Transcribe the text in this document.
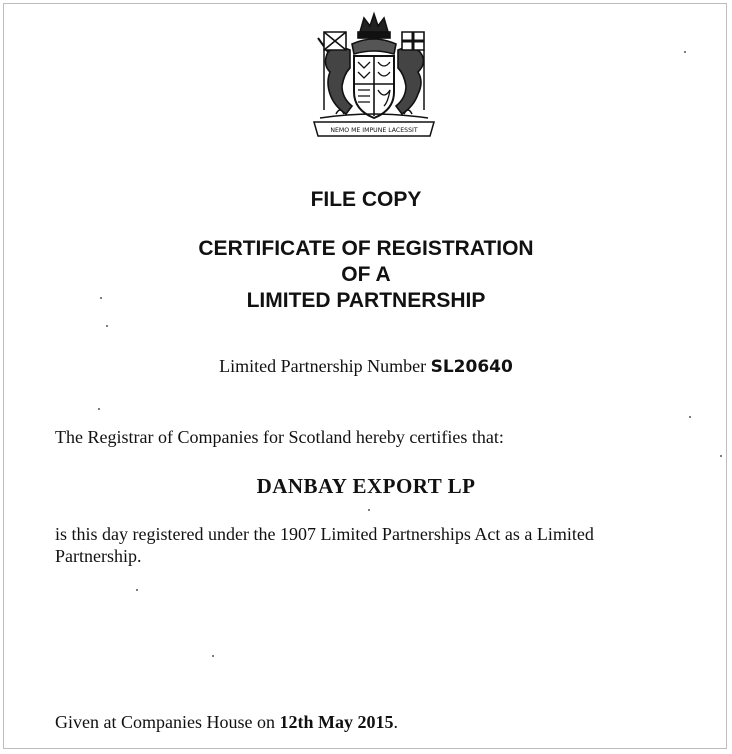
NEMO ME IMPUNE LACESSIT
FILE COPY
CERTIFICATE OF REGISTRATION
OF A
LIMITED PARTNERSHIP
Limited Partnership Number SL20640
The Registrar of Companies for Scotland hereby certifies that:
DANBAY EXPORT LP
is this day registered under the 1907 Limited Partnerships Act as a Limited Partnership.
Given at Companies House on 12th May 2015.
